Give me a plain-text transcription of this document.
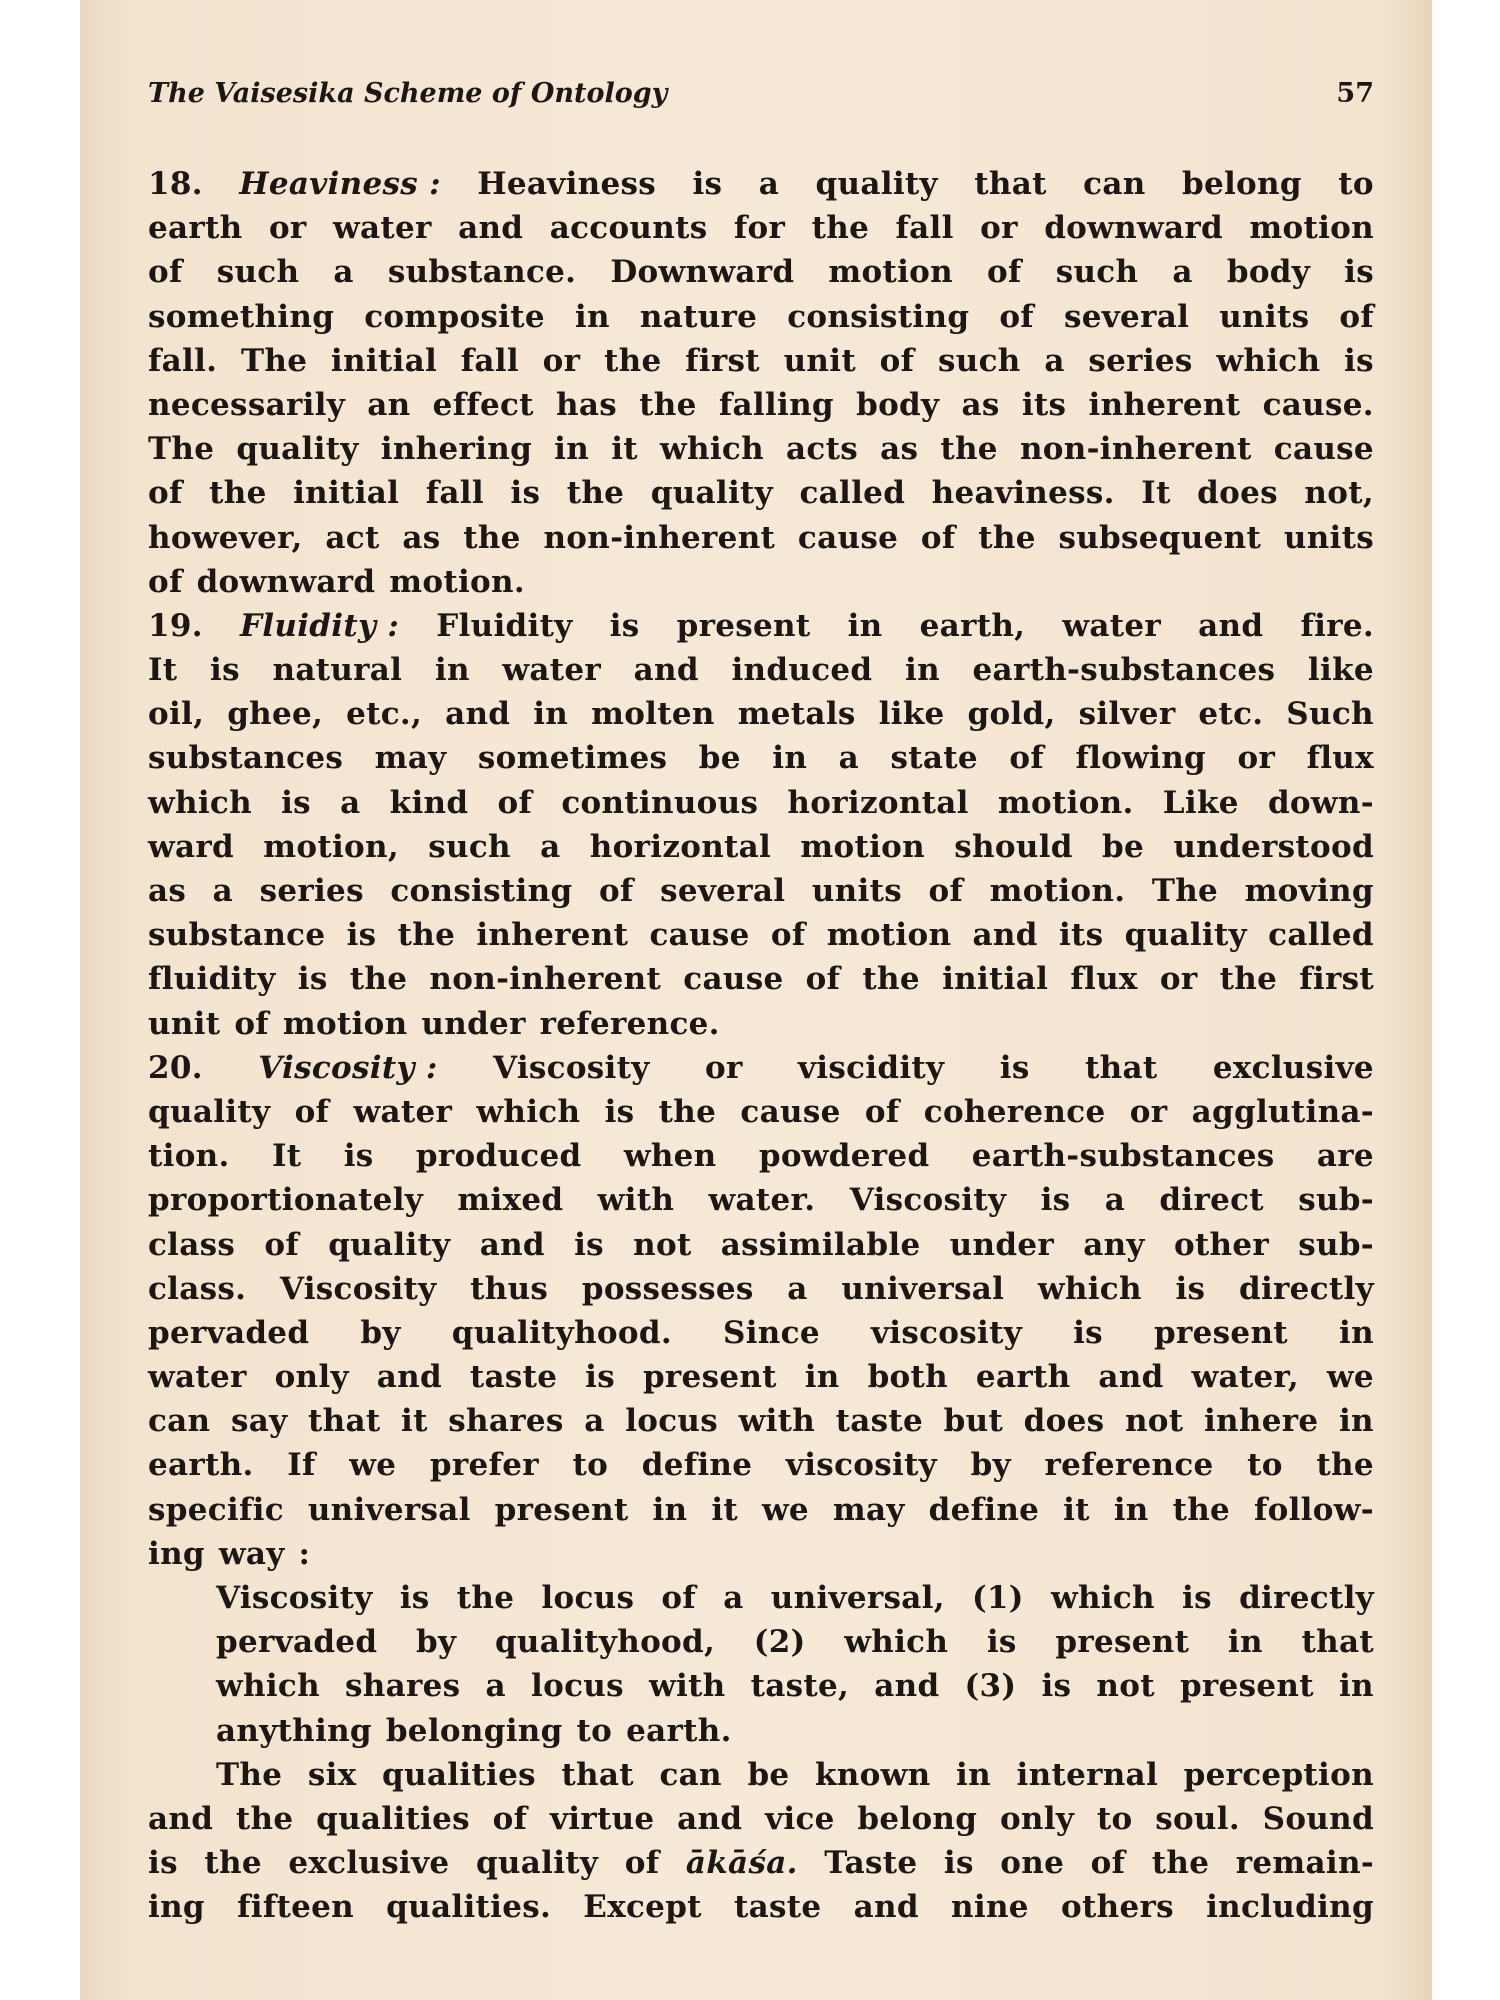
The Vaisesika Scheme of Ontology	57
18. Heaviness : Heaviness is a quality that can belong to
earth or water and accounts for the fall or downward motion
of such a substance. Downward motion of such a body is
something composite in nature consisting of several units of
fall. The initial fall or the first unit of such a series which is
necessarily an effect has the falling body as its inherent cause.
The quality inhering in it which acts as the non-inherent cause
of the initial fall is the quality called heaviness. It does not,
however, act as the non-inherent cause of the subsequent units
of downward motion.
19. Fluidity : Fluidity is present in earth, water and fire.
It is natural in water and induced in earth-substances like
oil, ghee, etc., and in molten metals like gold, silver etc. Such
substances may sometimes be in a state of flowing or flux
which is a kind of continuous horizontal motion. Like down-
ward motion, such a horizontal motion should be understood
as a series consisting of several units of motion. The moving
substance is the inherent cause of motion and its quality called
fluidity is the non-inherent cause of the initial flux or the first
unit of motion under reference.
20. Viscosity : Viscosity or viscidity is that exclusive
quality of water which is the cause of coherence or agglutina-
tion. It is produced when powdered earth-substances are
proportionately mixed with water. Viscosity is a direct sub-
class of quality and is not assimilable under any other sub-
class. Viscosity thus possesses a universal which is directly
pervaded by qualityhood. Since viscosity is present in
water only and taste is present in both earth and water, we
can say that it shares a locus with taste but does not inhere in
earth. If we prefer to define viscosity by reference to the
specific universal present in it we may define it in the follow-
ing way :
Viscosity is the locus of a universal, (1) which is directly
pervaded by qualityhood, (2) which is present in that
which shares a locus with taste, and (3) is not present in
anything belonging to earth.
The six qualities that can be known in internal perception
and the qualities of virtue and vice belong only to soul. Sound
is the exclusive quality of ākāśa. Taste is one of the remain-
ing fifteen qualities. Except taste and nine others including
